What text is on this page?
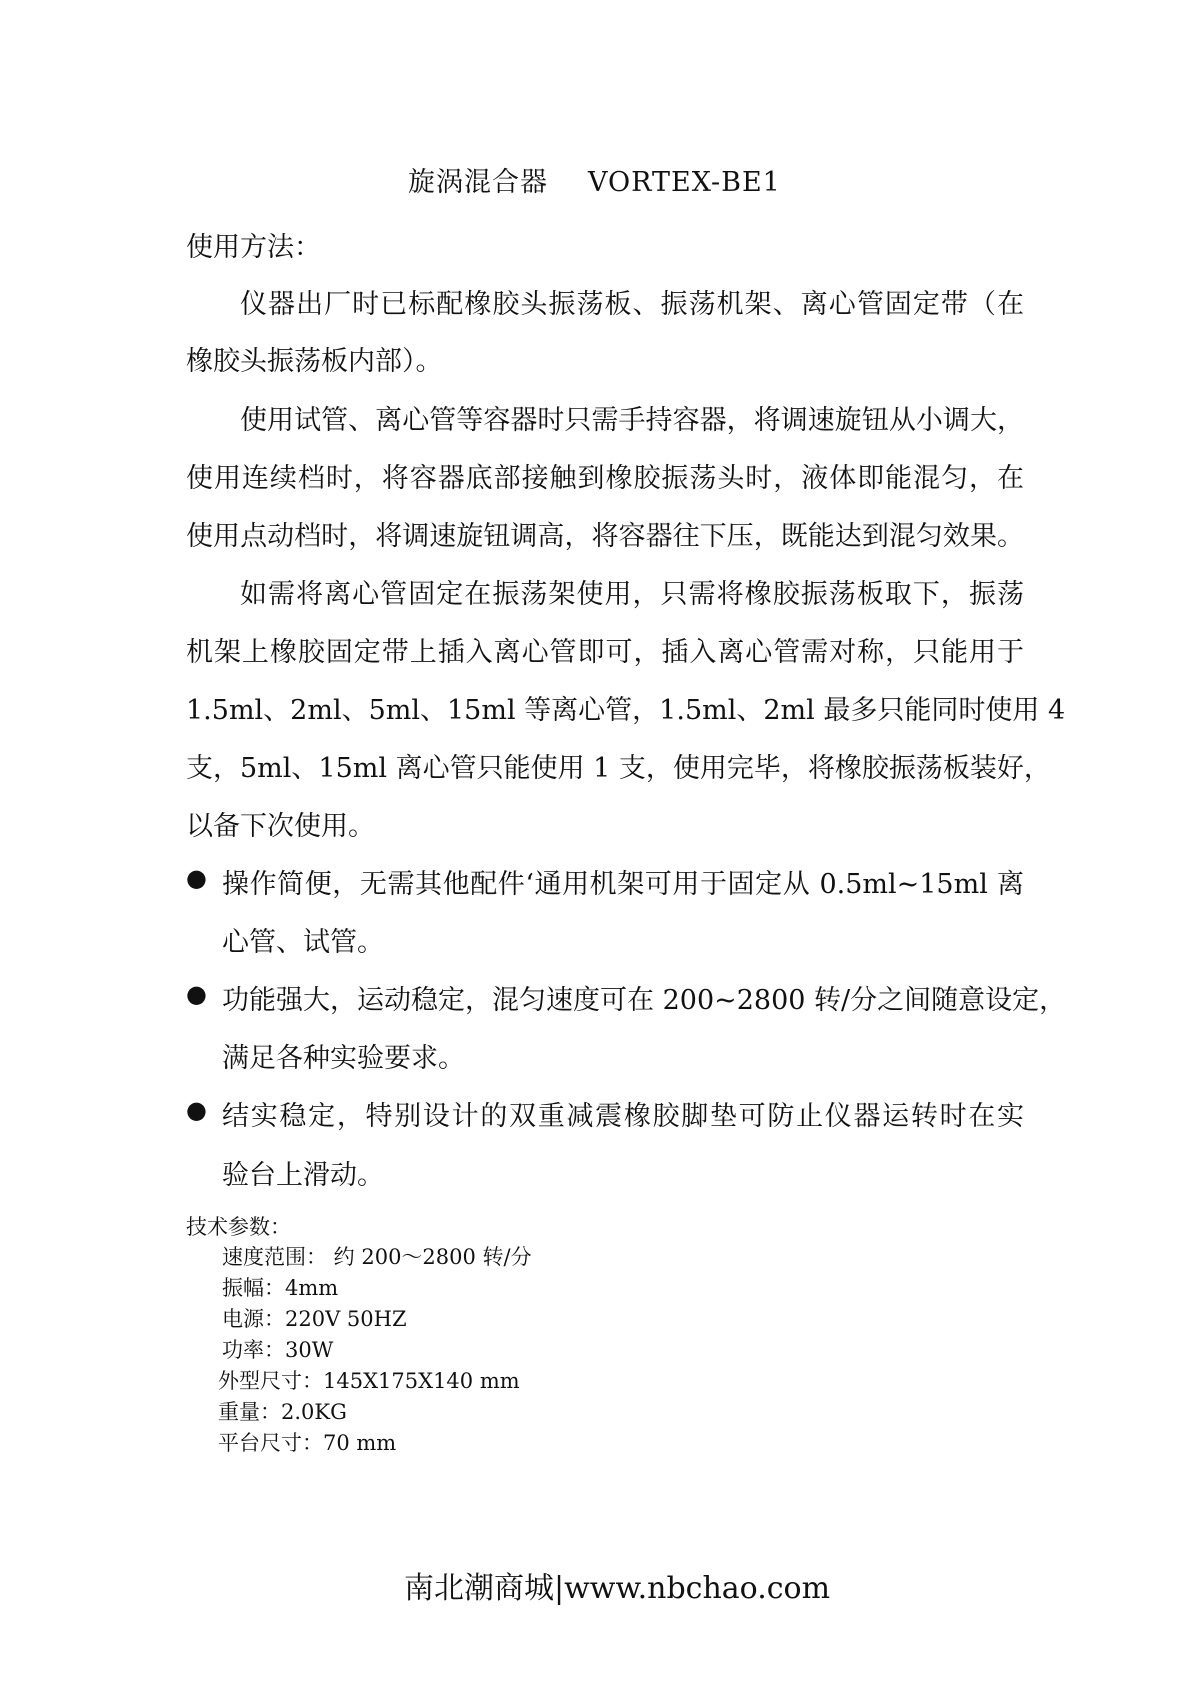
旋涡混合器 VORTEX-BE1
使用方法：
仪器出厂时已标配橡胶头振荡板、振荡机架、离心管固定带（在
橡胶头振荡板内部）。
使用试管、离心管等容器时只需手持容器，将调速旋钮从小调大，
使用连续档时，将容器底部接触到橡胶振荡头时，液体即能混匀，在
使用点动档时，将调速旋钮调高，将容器往下压，既能达到混匀效果。
如需将离心管固定在振荡架使用，只需将橡胶振荡板取下，振荡
机架上橡胶固定带上插入离心管即可，插入离心管需对称，只能用于
1.5ml、2ml、5ml、15ml 等离心管，1.5ml、2ml 最多只能同时使用 4
支，5ml、15ml 离心管只能使用 1 支，使用完毕，将橡胶振荡板装好，
以备下次使用。
● 操作简便，无需其他配件‘通用机架可用于固定从 0.5ml~15ml 离
心管、试管。
● 功能强大，运动稳定，混匀速度可在 200~2800 转/分之间随意设定，
满足各种实验要求。
● 结实稳定，特别设计的双重减震橡胶脚垫可防止仪器运转时在实
验台上滑动。
技术参数：
速度范围： 约 200～2800 转/分
振幅：4mm
电源：220V 50HZ
功率：30W
外型尺寸：145X175X140 mm
重量：2.0KG
平台尺寸：70 mm
南北潮商城|www.nbchao.com
